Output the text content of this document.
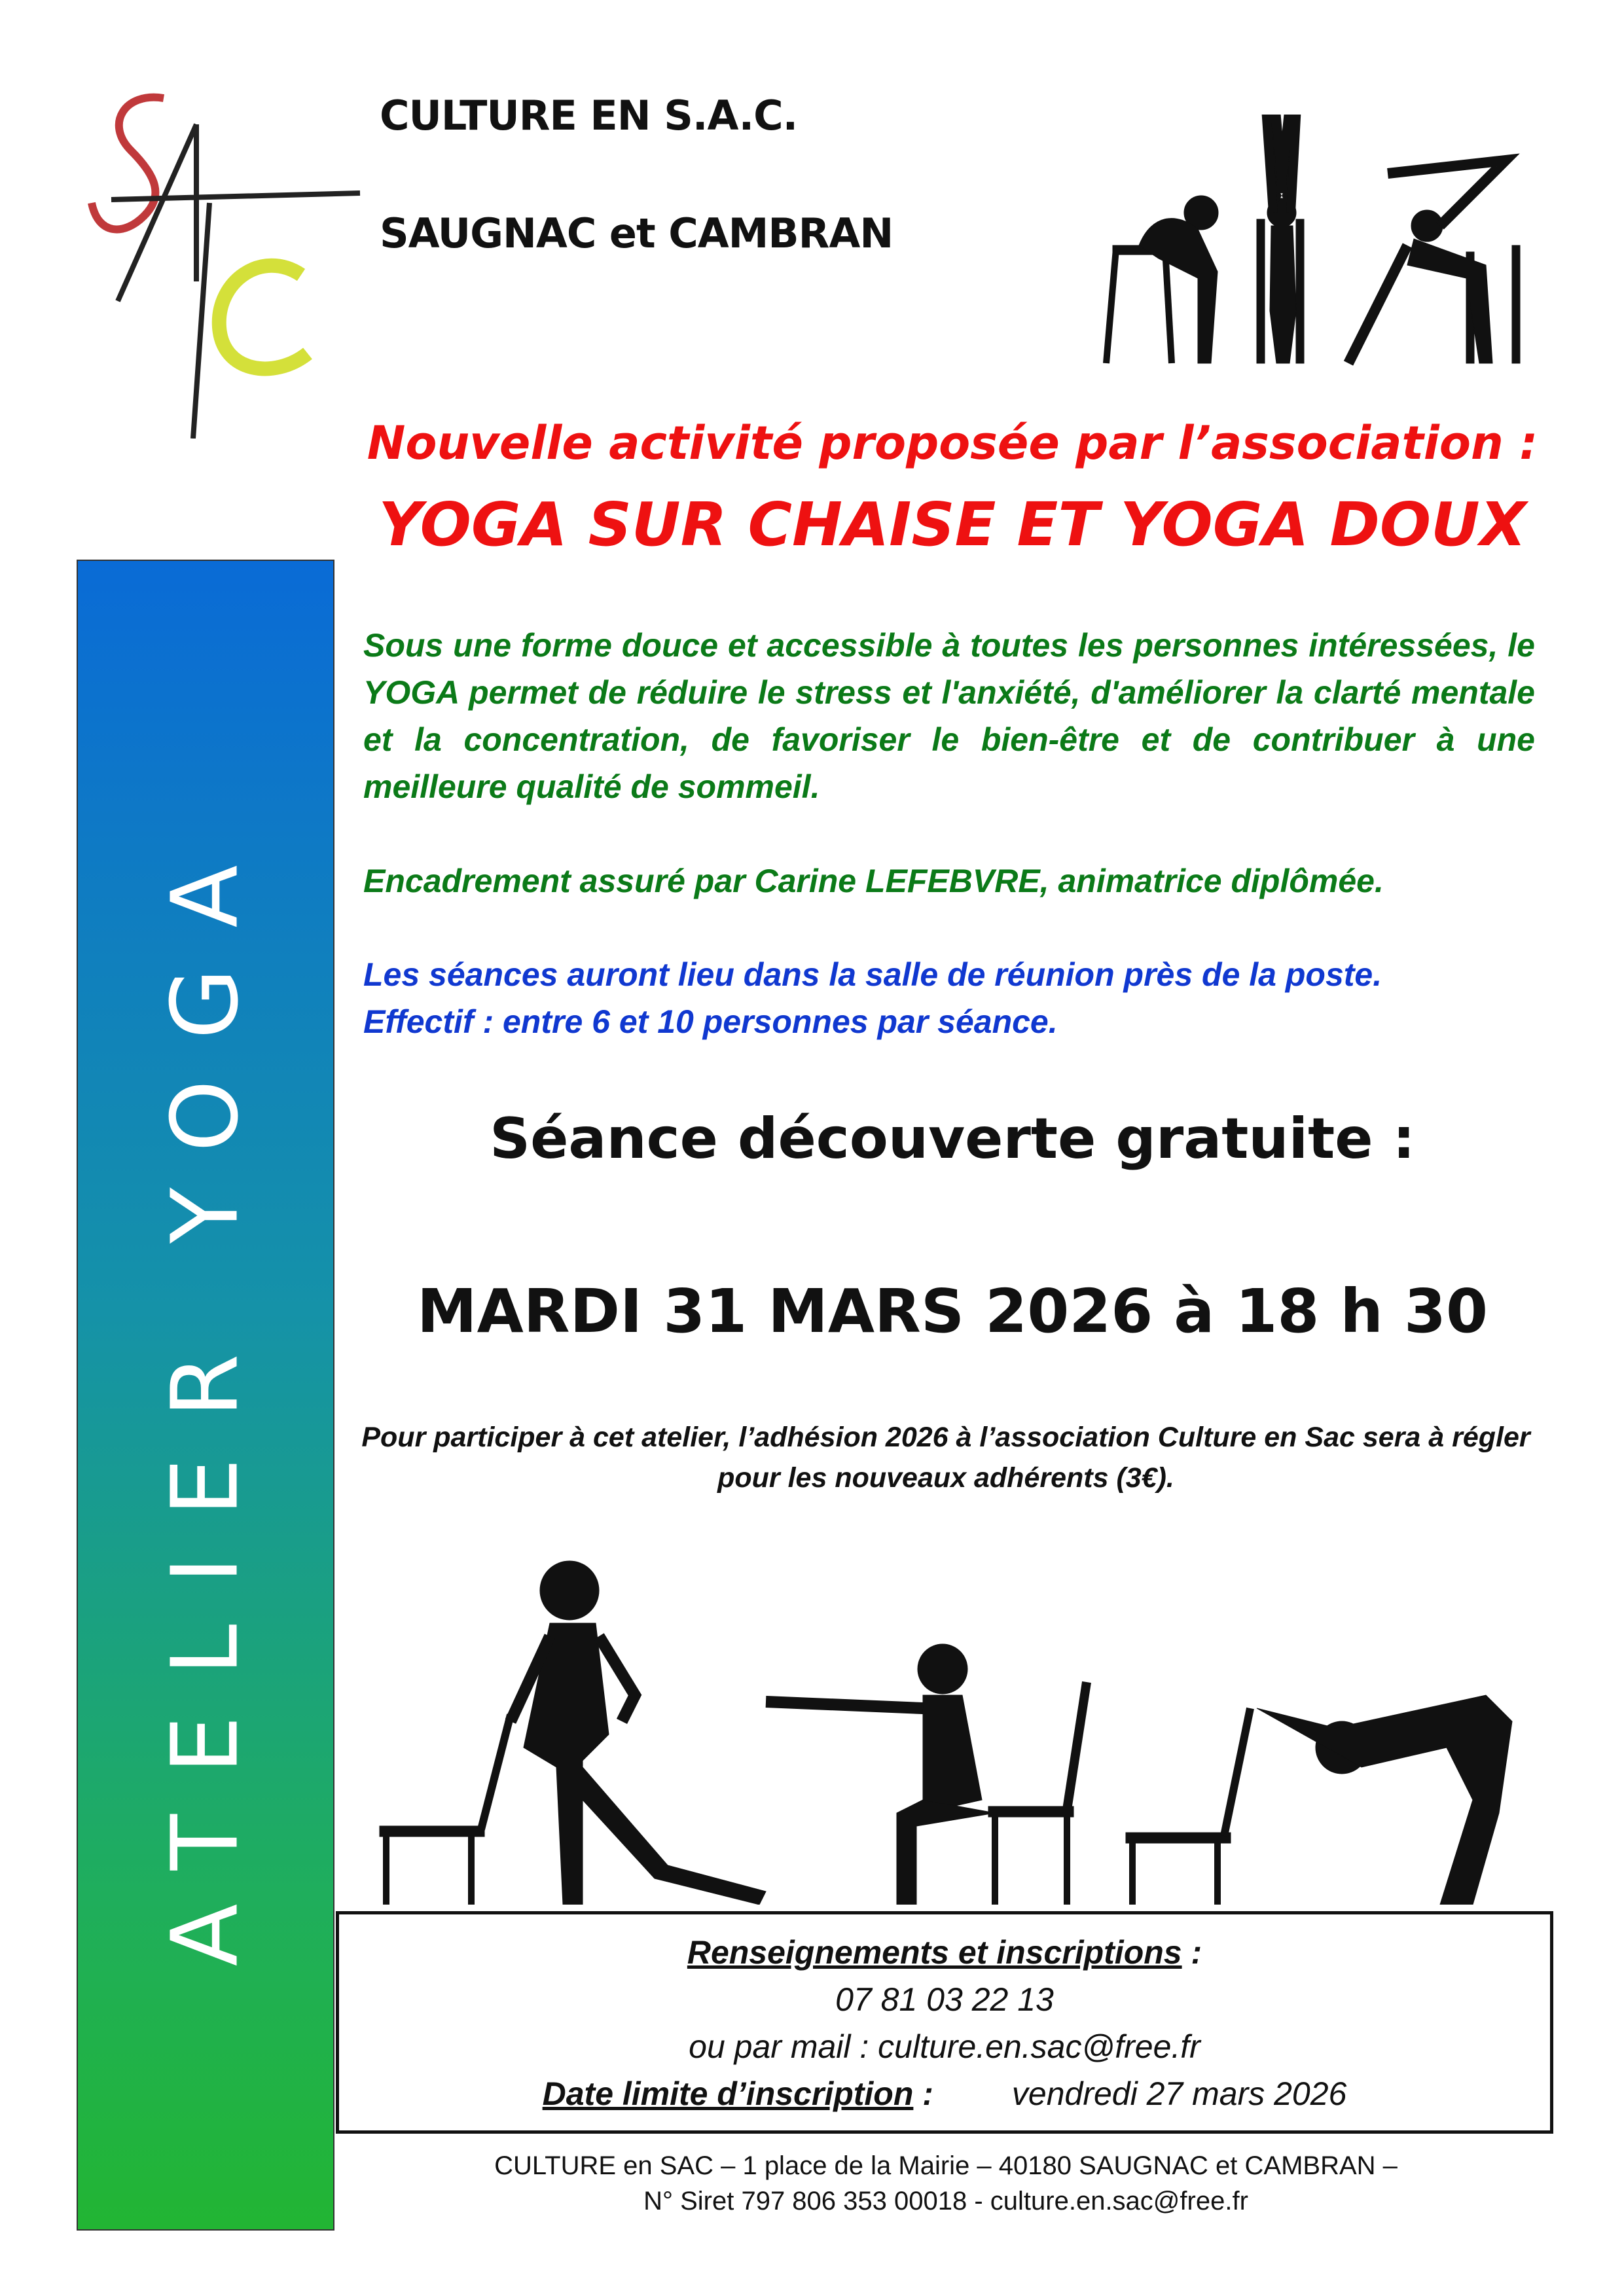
CULTURE EN S.A.C.
SAUGNAC et CAMBRAN
Nouvelle activité proposée par l’association :
YOGA SUR CHAISE ET YOGA DOUX
ATELIER YOGA
Sous une forme douce et accessible à toutes les personnes intéressées, le YOGA permet de réduire le stress et l'anxiété, d'améliorer la clarté mentale et la concentration, de favoriser le bien-être et de contribuer à une meilleure qualité de sommeil.
Encadrement assuré par Carine LEFEBVRE, animatrice diplômée.
Les séances auront lieu dans la salle de réunion près de la poste.
Effectif : entre 6 et 10 personnes par séance.
Séance découverte gratuite :
MARDI 31 MARS 2026 à 18 h 30
Pour participer à cet atelier, l’adhésion 2026 à l’association Culture en Sac sera à régler pour les nouveaux adhérents (3€).
Renseignements et inscriptions :
07 81 03 22 13
ou par mail : culture.en.sac@free.fr
Date limite d’inscription : vendredi 27 mars 2026
CULTURE en SAC – 1 place de la Mairie – 40180 SAUGNAC et CAMBRAN –
N° Siret 797 806 353 00018 - culture.en.sac@free.fr
